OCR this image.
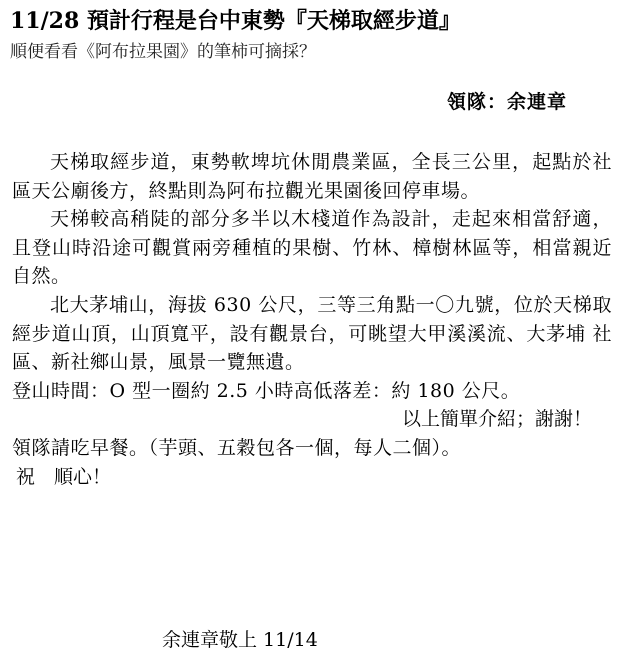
11/28 預計行程是台中東勢『天梯取經步道』
順便看看《阿布拉果園》的筆柿可摘採？
領隊：余連章

天梯取經步道，東勢軟埤坑休閒農業區，全長三公里，起點於社區天公廟後方，終點則為阿布拉觀光果園後回停車場。

天梯較高稍陡的部分多半以木棧道作為設計，走起來相當舒適，且登山時沿途可觀賞兩旁種植的果樹、竹林、樟樹林區等，相當親近自然。

北大茅埔山，海拔 630 公尺，三等三角點一〇九號，位於天梯取經步道山頂，山頂寬平，設有觀景台，可眺望大甲溪溪流、大茅埔 社區、新社鄉山景，風景一覽無遺。

登山時間：O 型一圈約 2.5 小時高低落差：約 180 公尺。

以上簡單介紹；謝謝！

領隊請吃早餐。（芋頭、五穀包各一個，每人二個）。

祝　順心！

余連章敬上 11/14
